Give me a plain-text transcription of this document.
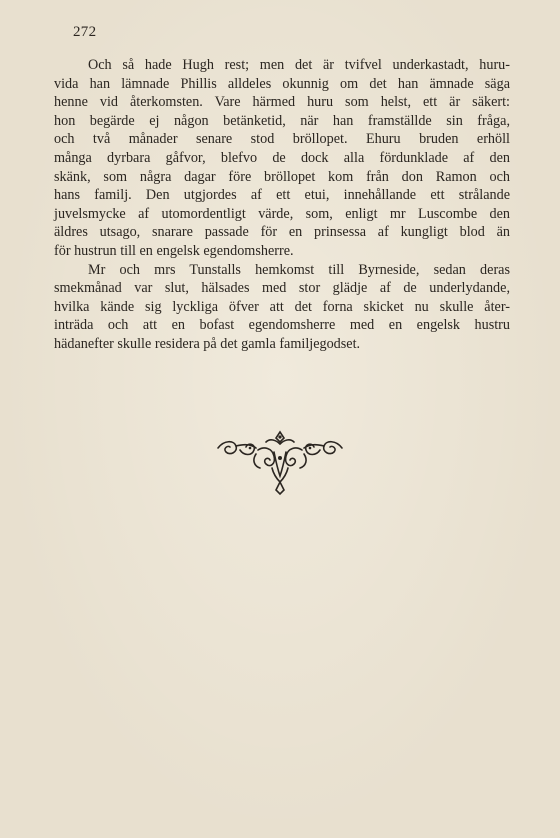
272
Och så hade Hugh rest; men det är tvifvel underkastadt, huru-
vida han lämnade Phillis alldeles okunnig om det han ämnade säga
henne vid återkomsten. Vare härmed huru som helst, ett är säkert:
hon begärde ej någon betänketid, när han framställde sin fråga,
och två månader senare stod bröllopet. Ehuru bruden erhöll
många dyrbara gåfvor, blefvo de dock alla fördunklade af den
skänk, som några dagar före bröllopet kom från don Ramon och
hans familj. Den utgjordes af ett etui, innehållande ett strålande
juvelsmycke af utomordentligt värde, som, enligt mr Luscombe den
äldres utsago, snarare passade för en prinsessa af kungligt blod än
för hustrun till en engelsk egendomsherre.
Mr och mrs Tunstalls hemkomst till Byrneside, sedan deras
smekmånad var slut, hälsades med stor glädje af de underlydande,
hvilka kände sig lyckliga öfver att det forna skicket nu skulle åter-
inträda och att en bofast egendomsherre med en engelsk hustru
hädanefter skulle residera på det gamla familjegodset.
